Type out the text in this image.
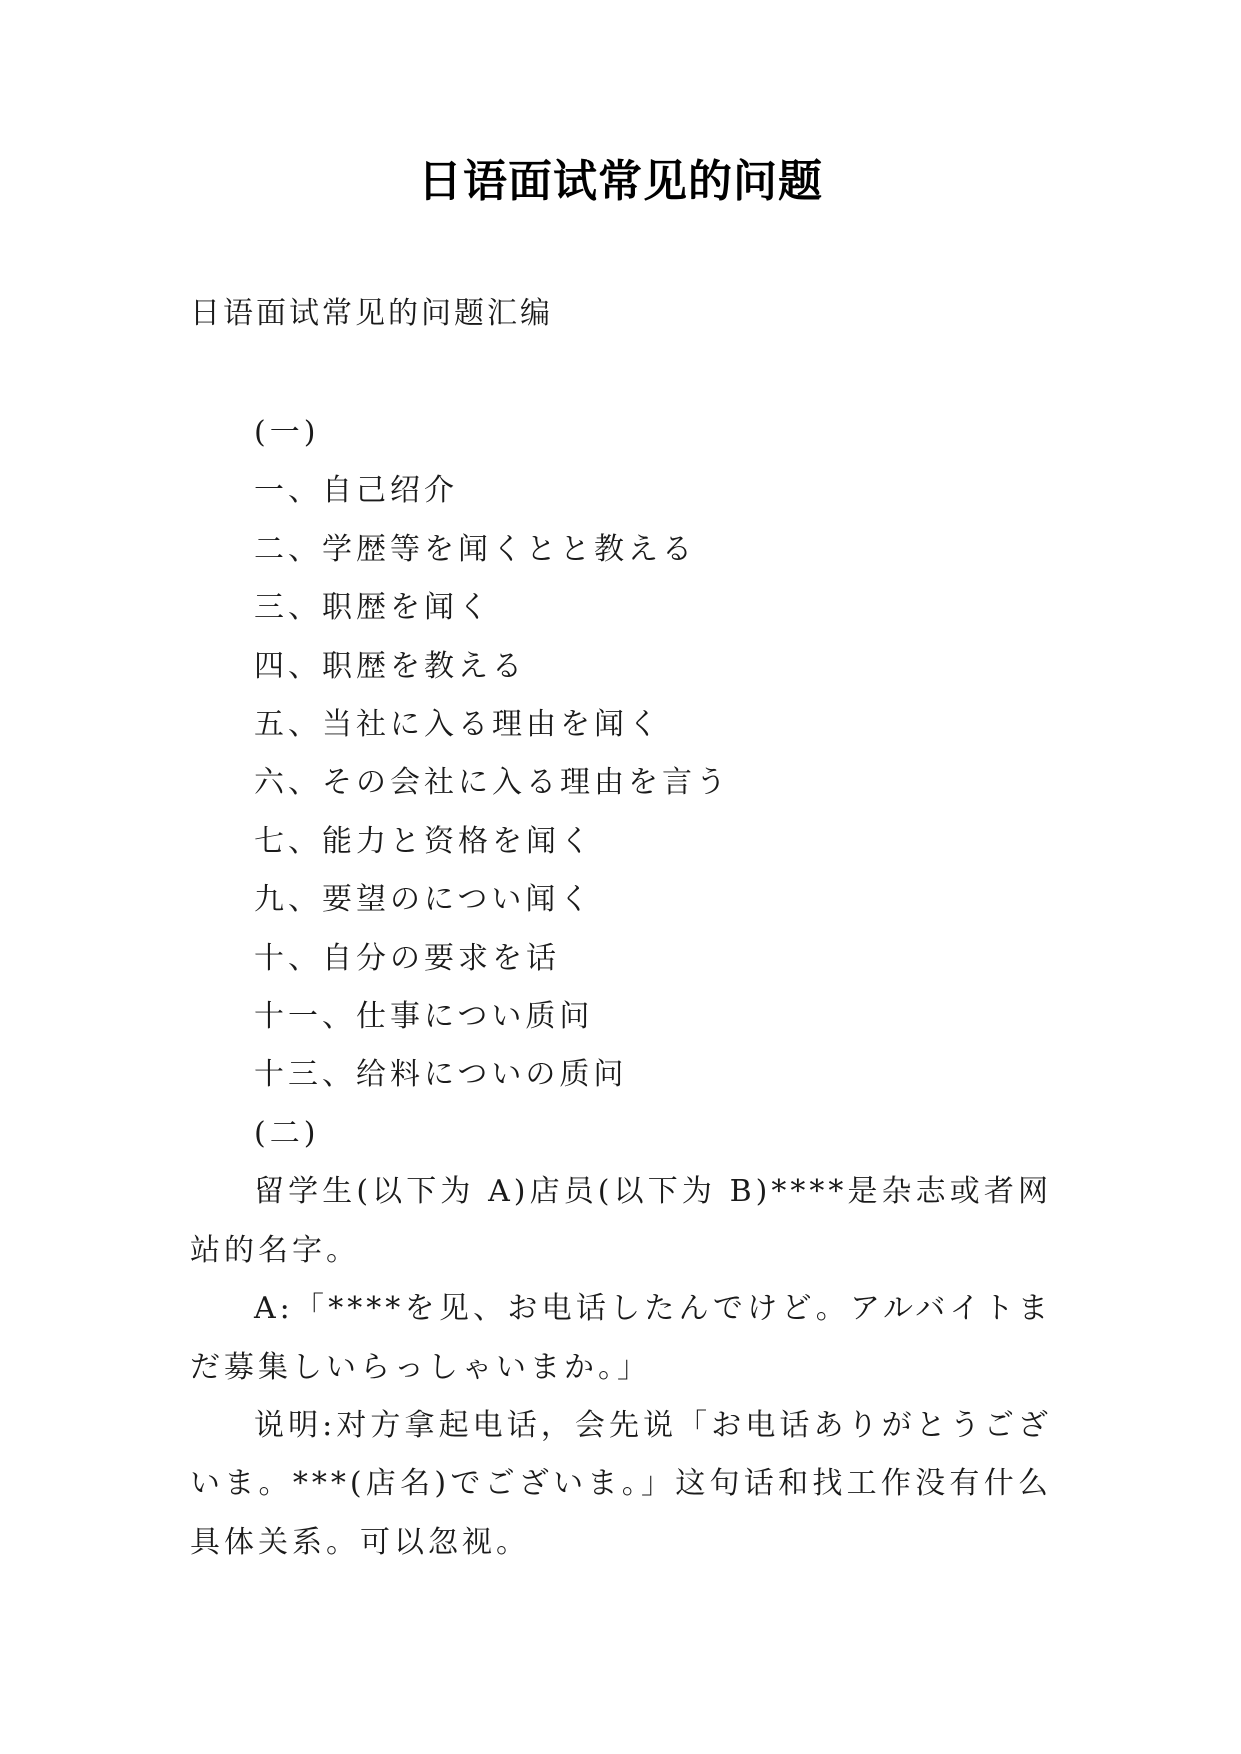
日语面试常见的问题

日语面试常见的问题汇编

(一)

一、自己绍介

二、学歴等を闻くとと教える

三、职歴を闻く

四、职歴を教える

五、当社に入る理由を闻く

六、その会社に入る理由を言う

七、能力と资格を闻く

九、要望のについ闻く

十、自分の要求を话

十一、仕事につい质问

十三、给料についの质问

(二)

留学生(以下为 A)店员(以下为 B)****是杂志或者网站的名字。

A:「****を见、お电话したんでけど。アルバイトまだ募集しいらっしゃいまか。」

说明:对方拿起电话，会先说「お电话ありがとうございま。***(店名)でございま。」这句话和找工作没有什么具体关系。可以忽视。
